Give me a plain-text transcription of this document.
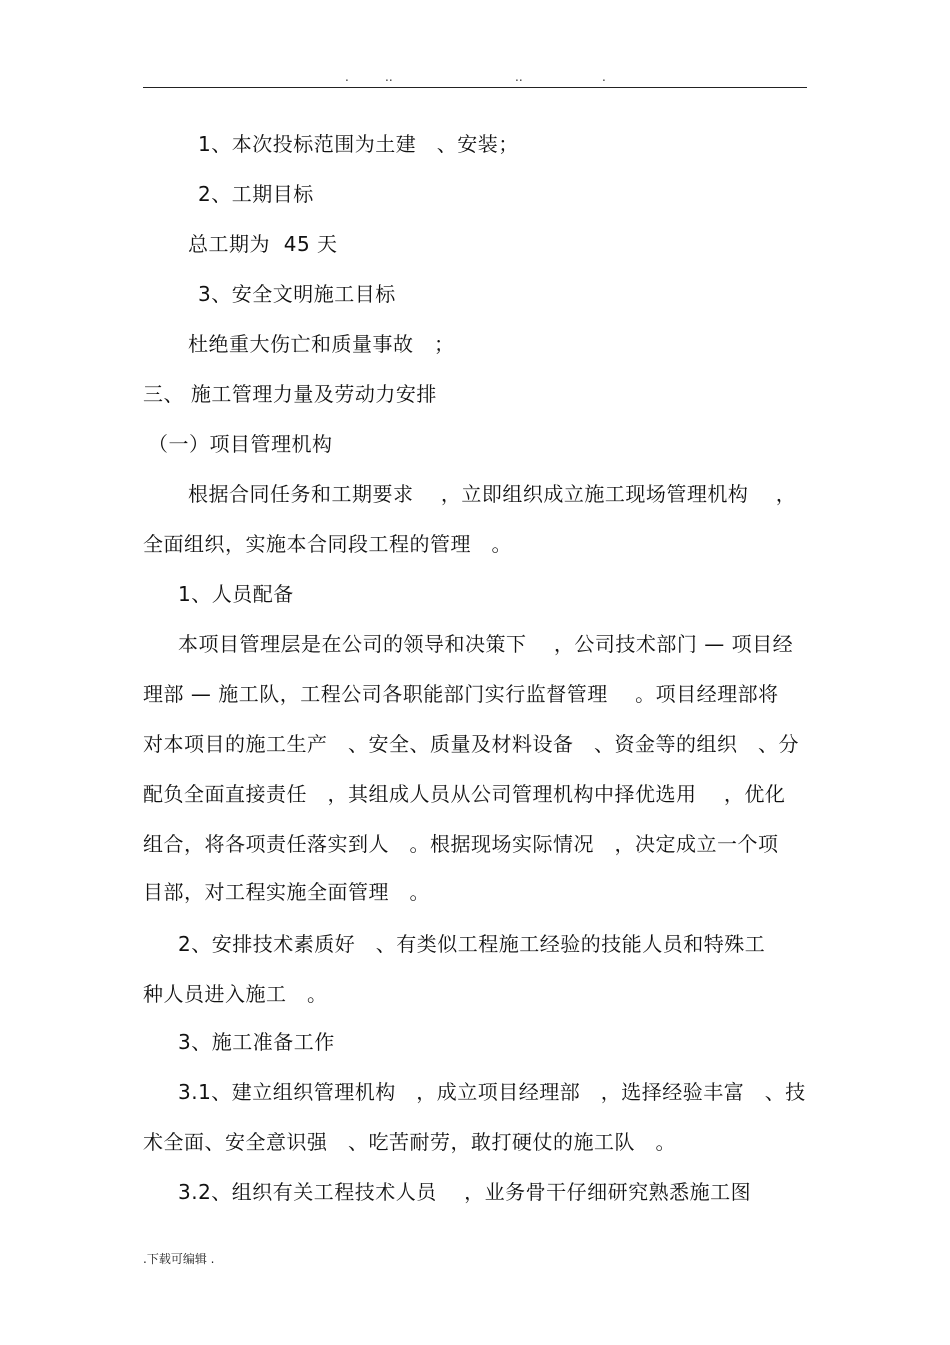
.	..	..	.
1、本次投标范围为土建　、安装；
2、工期目标
总工期为  45 天
3、安全文明施工目标
杜绝重大伤亡和质量事故　；
三、 施工管理力量及劳动力安排
（一）项目管理机构
根据合同任务和工期要求　 ，立即组织成立施工现场管理机构　 ，
全面组织，实施本合同段工程的管理　。
1、人员配备
本项目管理层是在公司的领导和决策下　 ，公司技术部门 — 项目经
理部 — 施工队，工程公司各职能部门实行监督管理　 。项目经理部将
对本项目的施工生产　、安全、质量及材料设备　、资金等的组织　、分
配负全面直接责任　，其组成人员从公司管理机构中择优选用　 ，优化
组合，将各项责任落实到人　。根据现场实际情况　，决定成立一个项
目部，对工程实施全面管理　。
2、安排技术素质好　、有类似工程施工经验的技能人员和特殊工
种人员进入施工　。
3、施工准备工作
3.1、建立组织管理机构　，成立项目经理部　，选择经验丰富　、技
术全面、安全意识强　、吃苦耐劳，敢打硬仗的施工队　。
3.2、组织有关工程技术人员　 ，业务骨干仔细研究熟悉施工图
.下载可编辑 .
